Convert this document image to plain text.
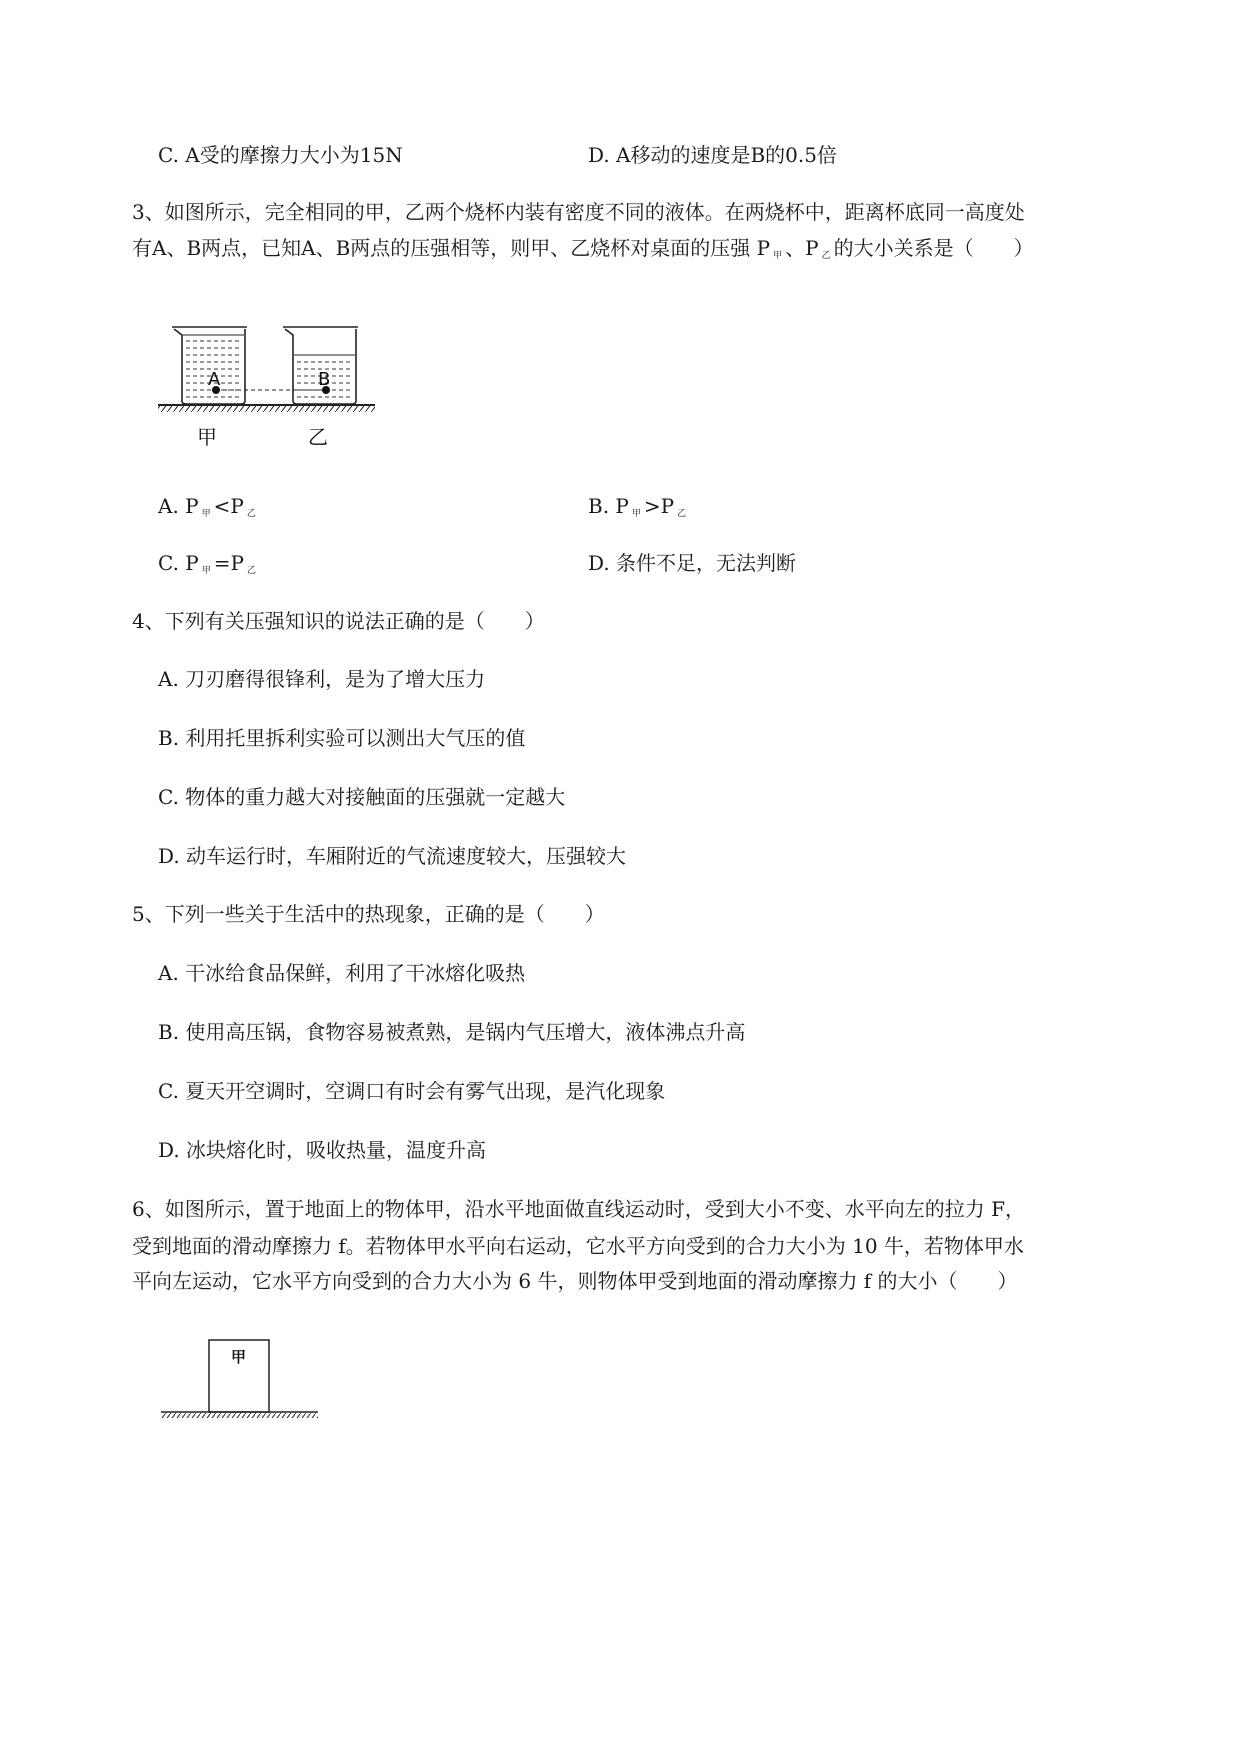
C. A受的摩擦力大小为15N	D. A移动的速度是B的0.5倍
3、如图所示，完全相同的甲，乙两个烧杯内装有密度不同的液体。在两烧杯中，距离杯底同一高度处
有A、B两点，已知A、B两点的压强相等，则甲、乙烧杯对桌面的压强 P $_甲$ 、P $_乙$ 的大小关系是（　　）
A	B
甲	乙
A. P $_甲$ <P $_乙$	B. P $_甲$ >P $_乙$
C. P $_甲$ =P $_乙$	D. 条件不足，无法判断
4、下列有关压强知识的说法正确的是（　　）
A. 刀刃磨得很锋利，是为了增大压力
B. 利用托里拆利实验可以测出大气压的值
C. 物体的重力越大对接触面的压强就一定越大
D. 动车运行时，车厢附近的气流速度较大，压强较大
5、下列一些关于生活中的热现象，正确的是（　　）
A. 干冰给食品保鲜，利用了干冰熔化吸热
B. 使用高压锅，食物容易被煮熟，是锅内气压增大，液体沸点升高
C. 夏天开空调时，空调口有时会有雾气出现，是汽化现象
D. 冰块熔化时，吸收热量，温度升高
6、如图所示，置于地面上的物体甲，沿水平地面做直线运动时，受到大小不变、水平向左的拉力 F，
受到地面的滑动摩擦力 f。若物体甲水平向右运动，它水平方向受到的合力大小为 10 牛，若物体甲水
平向左运动，它水平方向受到的合力大小为 6 牛，则物体甲受到地面的滑动摩擦力 f 的大小（　　）
甲
